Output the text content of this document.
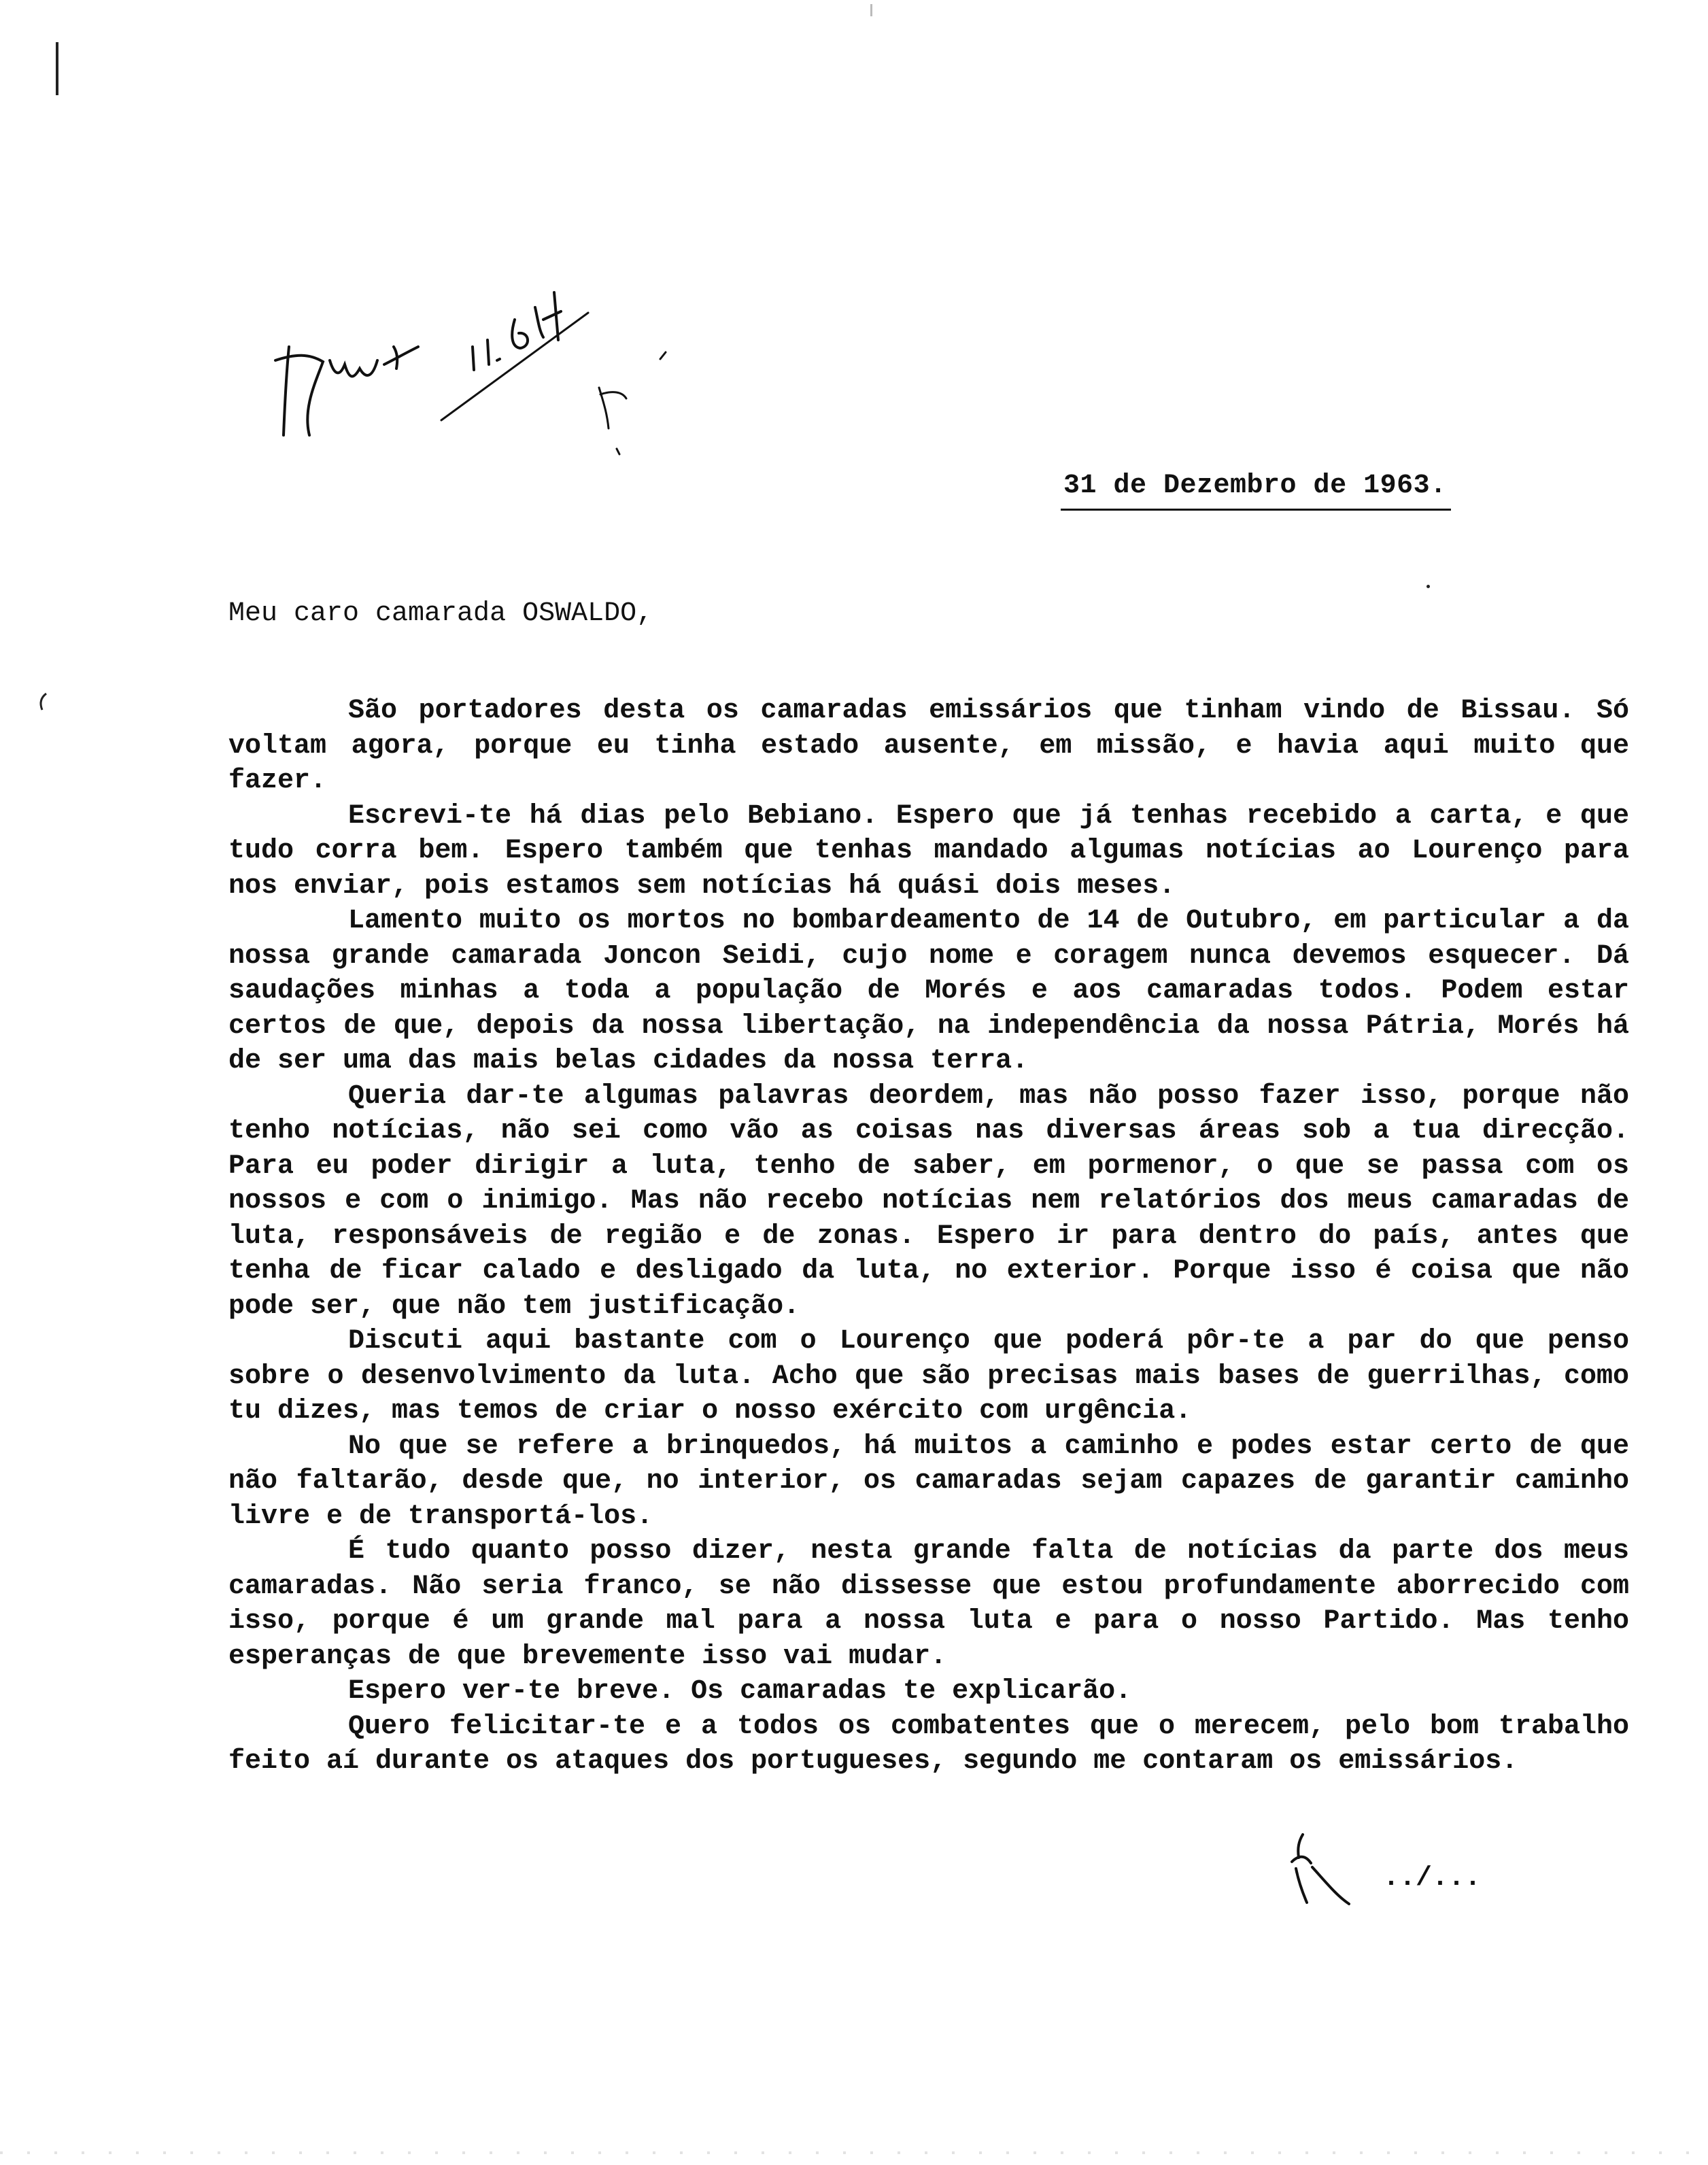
31 de Dezembro de 1963.
Meu caro camarada OSWALDO,

São portadores desta os camaradas emissários que tinham vindo de Bissau. Só voltam agora, porque eu tinha estado ausente, em missão, e havia aqui muito que fazer.

Escrevi-te há dias pelo Bebiano. Espero que já tenhas recebido a carta, e que tudo corra bem. Espero também que tenhas mandado algumas notícias ao Lourenço para nos enviar, pois estamos sem notícias há quási dois meses.

Lamento muito os mortos no bombardeamento de 14 de Outubro, em particular a da nossa grande camarada Joncon Seidi, cujo nome e coragem nunca devemos esquecer. Dá saudações minhas a toda a população de Morés e aos camaradas todos. Podem estar certos de que, depois da nossa libertação, na independência da nossa Pátria, Morés há de ser uma das mais belas cidades da nossa terra.

Queria dar-te algumas palavras deordem, mas não posso fazer isso, porque não tenho notícias, não sei como vão as coisas nas diversas áreas sob a tua direcção. Para eu poder dirigir a luta, tenho de saber, em pormenor, o que se passa com os nossos e com o inimigo. Mas não recebo notícias nem relatórios dos meus camaradas de luta, responsáveis de região e de zonas. Espero ir para dentro do país, antes que tenha de ficar calado e desligado da luta, no exterior. Porque isso é coisa que não pode ser, que não tem justificação.

Discuti aqui bastante com o Lourenço que poderá pôr-te a par do que penso sobre o desenvolvimento da luta. Acho que são precisas mais bases de guerrilhas, como tu dizes, mas temos de criar o nosso exército com urgência.

No que se refere a brinquedos, há muitos a caminho e podes estar certo de que não faltarão, desde que, no interior, os camaradas sejam capazes de garantir caminho livre e de transportá-los.

É tudo quanto posso dizer, nesta grande falta de notícias da parte dos meus camaradas. Não seria franco, se não dissesse que estou profundamente aborrecido com isso, porque é um grande mal para a nossa luta e para o nosso Partido. Mas tenho esperanças de que brevemente isso vai mudar.

Espero ver-te breve. Os camaradas te explicarão.

Quero felicitar-te e a todos os combatentes que o merecem, pelo bom trabalho feito aí durante os ataques dos portugueses, segundo me contaram os emissários.

../...
